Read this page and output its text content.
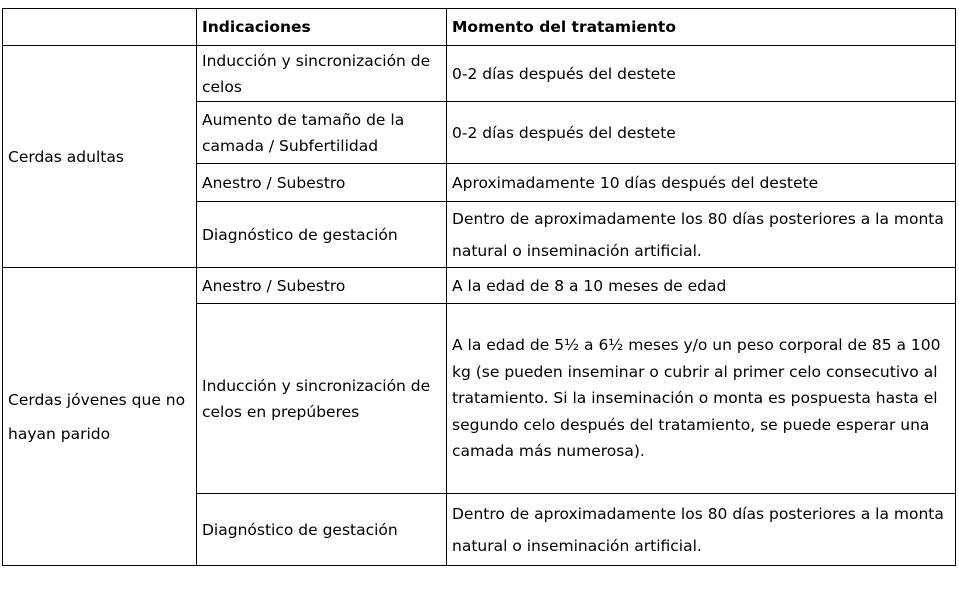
	Indicaciones	Momento del tratamiento
Cerdas adultas	Inducción y sincronización de celos	0-2 días después del destete
	Aumento de tamaño de la camada / Subfertilidad	0-2 días después del destete
	Anestro / Subestro	Aproximadamente 10 días después del destete
	Diagnóstico de gestación	Dentro de aproximadamente los 80 días posteriores a la monta natural o inseminación artificial.
Cerdas jóvenes que no hayan parido	Anestro / Subestro	A la edad de 8 a 10 meses de edad
	Inducción y sincronización de celos en prepúberes	A la edad de 5½ a 6½ meses y/o un peso corporal de 85 a 100 kg (se pueden inseminar o cubrir al primer celo consecutivo al tratamiento. Si la inseminación o monta es pospuesta hasta el segundo celo después del tratamiento, se puede esperar una camada más numerosa).
	Diagnóstico de gestación	Dentro de aproximadamente los 80 días posteriores a la monta natural o inseminación artificial.
